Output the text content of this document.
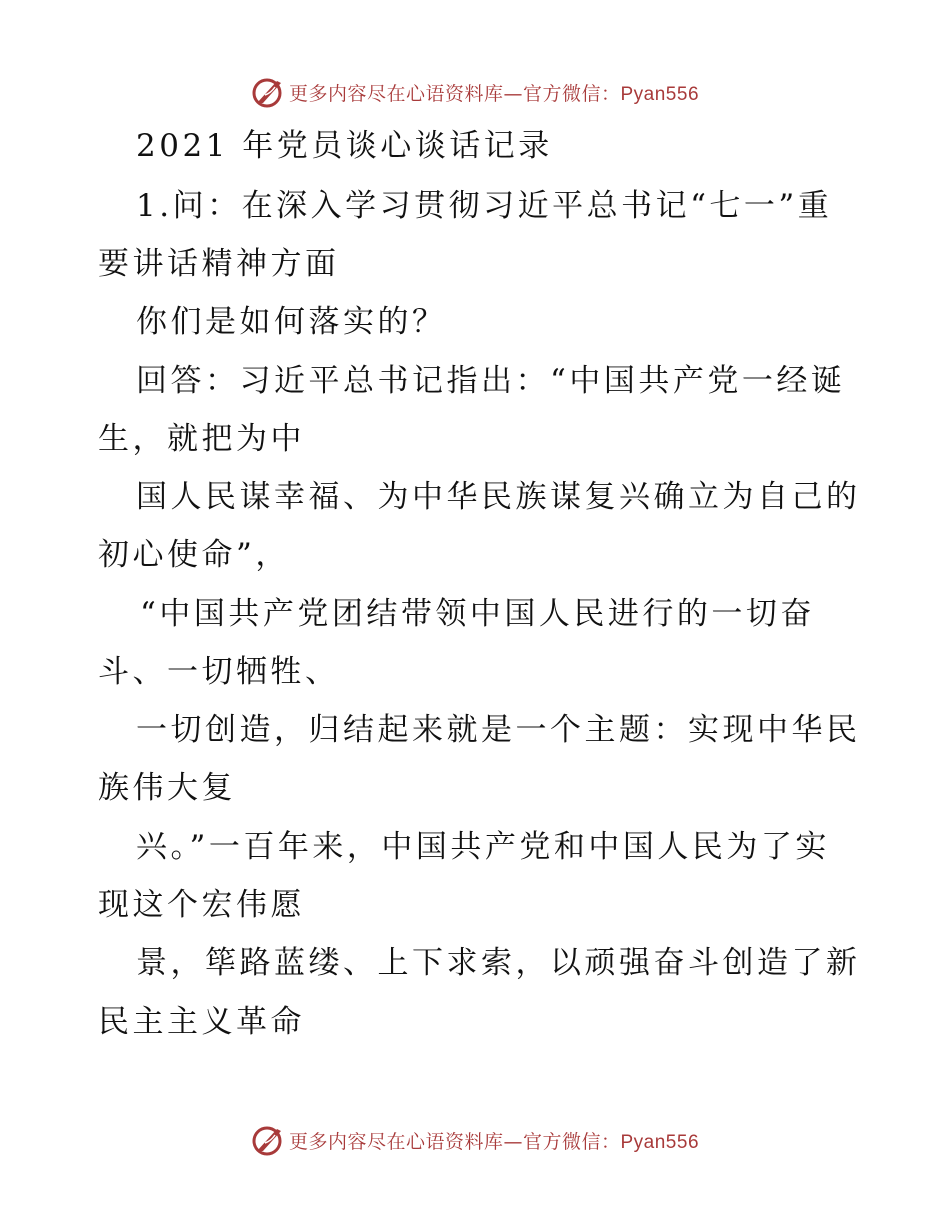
更多内容尽在心语资料库—官方微信：Pyan556
2021 年党员谈心谈话记录
1.问：在深入学习贯彻习近平总书记“七一”重
要讲话精神方面
你们是如何落实的？
回答：习近平总书记指出：“中国共产党一经诞
生，就把为中
国人民谋幸福、为中华民族谋复兴确立为自己的
初心使命”，
“中国共产党团结带领中国人民进行的一切奋
斗、一切牺牲、
一切创造，归结起来就是一个主题：实现中华民
族伟大复
兴。”一百年来，中国共产党和中国人民为了实
现这个宏伟愿
景，筚路蓝缕、上下求索，以顽强奋斗创造了新
民主主义革命
更多内容尽在心语资料库—官方微信：Pyan556
